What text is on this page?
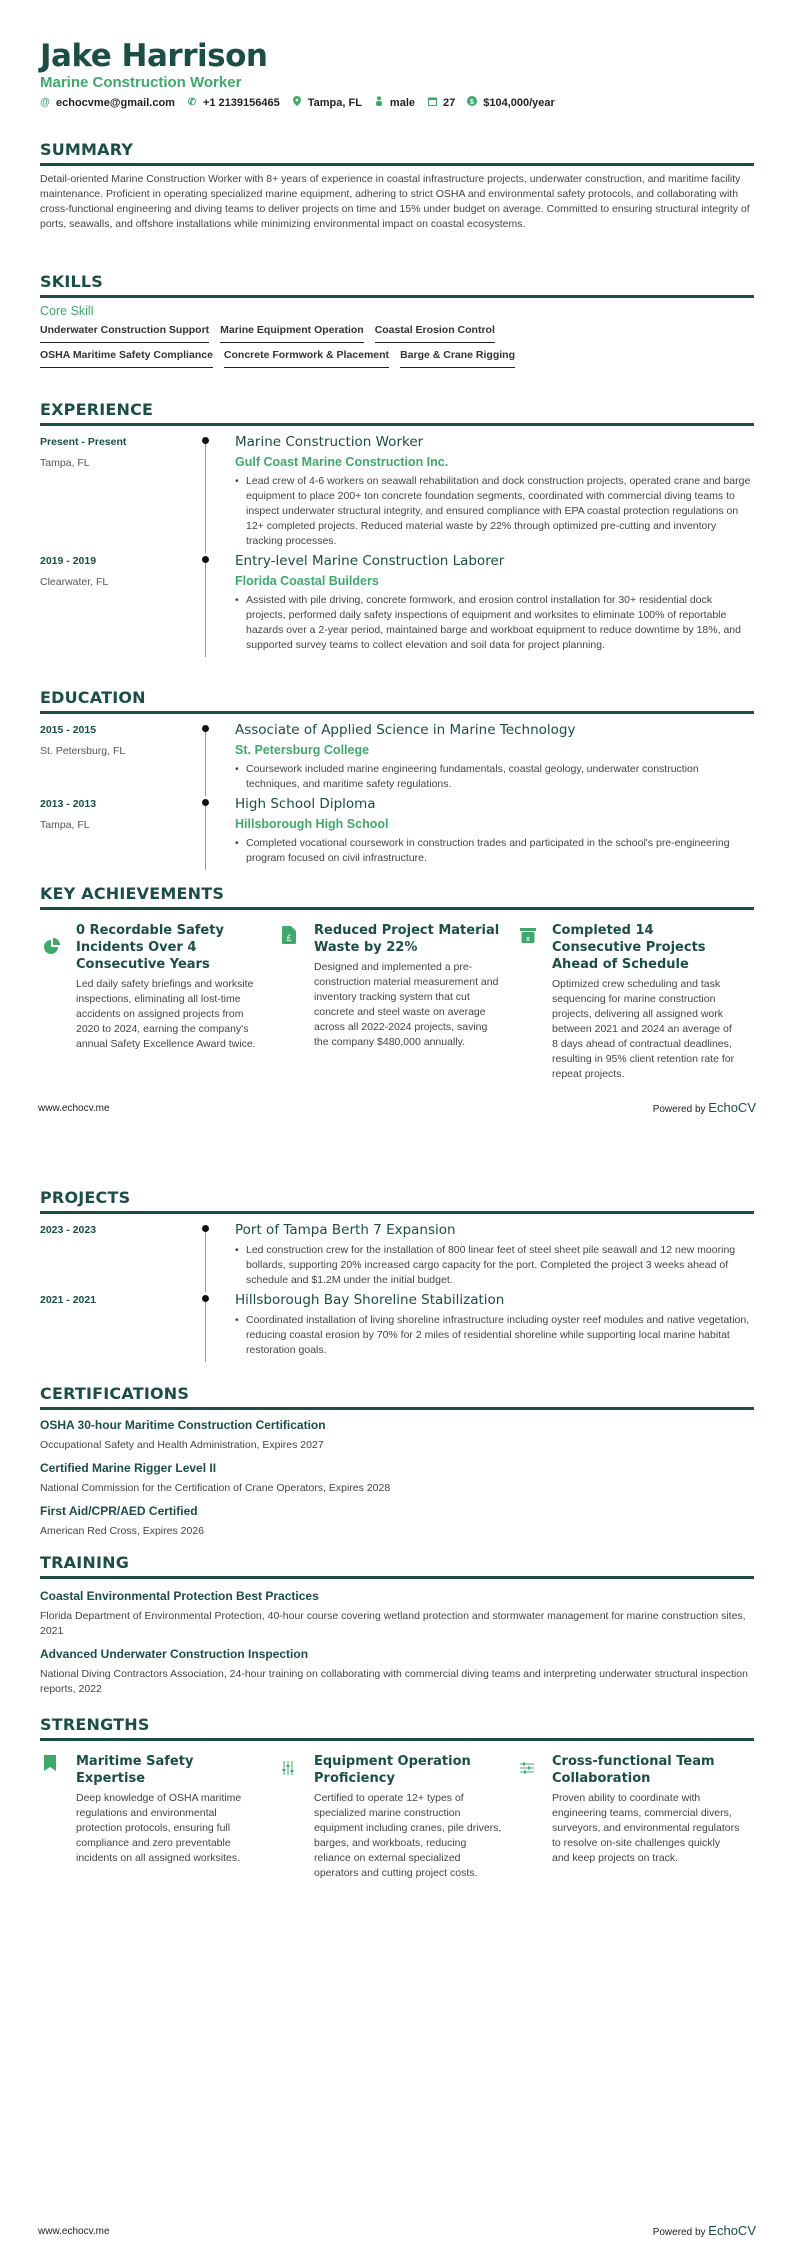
Jake Harrison
Marine Construction Worker
@ echocvme@gmail.com ✆ +1 2139156465	Tampa, FL	male	27 $ $104,000/year
SUMMARY
Detail-oriented Marine Construction Worker with 8+ years of experience in coastal infrastructure projects, underwater construction, and maritime facility maintenance. Proficient in operating specialized marine equipment, adhering to strict OSHA and environmental safety protocols, and collaborating with cross-functional engineering and diving teams to deliver projects on time and 15% under budget on average. Committed to ensuring structural integrity of ports, seawalls, and offshore installations while minimizing environmental impact on coastal ecosystems.
SKILLS
Core Skill
Underwater Construction Support Marine Equipment Operation Coastal Erosion Control
OSHA Maritime Safety Compliance Concrete Formwork & Placement Barge & Crane Rigging
EXPERIENCE
Present - Present
Tampa, FL
Marine Construction Worker
Gulf Coast Marine Construction Inc.
• Lead crew of 4-6 workers on seawall rehabilitation and dock construction projects, operated crane and barge equipment to place 200+ ton concrete foundation segments, coordinated with commercial diving teams to inspect underwater structural integrity, and ensured compliance with EPA coastal protection regulations on 12+ completed projects. Reduced material waste by 22% through optimized pre-cutting and inventory tracking processes.
2019 - 2019
Clearwater, FL
Entry-level Marine Construction Laborer
Florida Coastal Builders
• Assisted with pile driving, concrete formwork, and erosion control installation for 30+ residential dock projects, performed daily safety inspections of equipment and worksites to eliminate 100% of reportable hazards over a 2-year period, maintained barge and workboat equipment to reduce downtime by 18%, and supported survey teams to collect elevation and soil data for project planning.
EDUCATION
2015 - 2015
St. Petersburg, FL
Associate of Applied Science in Marine Technology
St. Petersburg College
• Coursework included marine engineering fundamentals, coastal geology, underwater construction techniques, and maritime safety regulations.
2013 - 2013
Tampa, FL
High School Diploma
Hillsborough High School
• Completed vocational coursework in construction trades and participated in the school's pre-engineering program focused on civil infrastructure.
KEY ACHIEVEMENTS
0 Recordable Safety Incidents Over 4 Consecutive Years
Led daily safety briefings and worksite inspections, eliminating all lost-time accidents on assigned projects from 2020 to 2024, earning the company's annual Safety Excellence Award twice.
£ Reduced Project Material Waste by 22%
Designed and implemented a pre-construction material measurement and inventory tracking system that cut concrete and steel waste on average across all 2022-2024 projects, saving the company $480,000 annually.
x
Completed 14 Consecutive Projects Ahead of Schedule
Optimized crew scheduling and task sequencing for marine construction projects, delivering all assigned work between 2021 and 2024 an average of 8 days ahead of contractual deadlines, resulting in 95% client retention rate for repeat projects.
www.echocv.me	Powered by EchoCV
PROJECTS
2023 - 2023	Port of Tampa Berth 7 Expansion
• Led construction crew for the installation of 800 linear feet of steel sheet pile seawall and 12 new mooring bollards, supporting 20% increased cargo capacity for the port. Completed the project 3 weeks ahead of schedule and $1.2M under the initial budget.
2021 - 2021	Hillsborough Bay Shoreline Stabilization
• Coordinated installation of living shoreline infrastructure including oyster reef modules and native vegetation, reducing coastal erosion by 70% for 2 miles of residential shoreline while supporting local marine habitat restoration goals.
CERTIFICATIONS
OSHA 30-hour Maritime Construction Certification
Occupational Safety and Health Administration, Expires 2027
Certified Marine Rigger Level II
National Commission for the Certification of Crane Operators, Expires 2028
First Aid/CPR/AED Certified
American Red Cross, Expires 2026
TRAINING
Coastal Environmental Protection Best Practices
Florida Department of Environmental Protection, 40-hour course covering wetland protection and stormwater management for marine construction sites, 2021
Advanced Underwater Construction Inspection
National Diving Contractors Association, 24-hour training on collaborating with commercial diving teams and interpreting underwater structural inspection reports, 2022
STRENGTHS
Maritime Safety Expertise
Deep knowledge of OSHA maritime regulations and environmental protection protocols, ensuring full compliance and zero preventable incidents on all assigned worksites.
Equipment Operation Proficiency
Certified to operate 12+ types of specialized marine construction equipment including cranes, pile drivers, barges, and workboats, reducing reliance on external specialized operators and cutting project costs.
Cross-functional Team Collaboration
Proven ability to coordinate with engineering teams, commercial divers, surveyors, and environmental regulators to resolve on-site challenges quickly and keep projects on track.
www.echocv.me	Powered by EchoCV
